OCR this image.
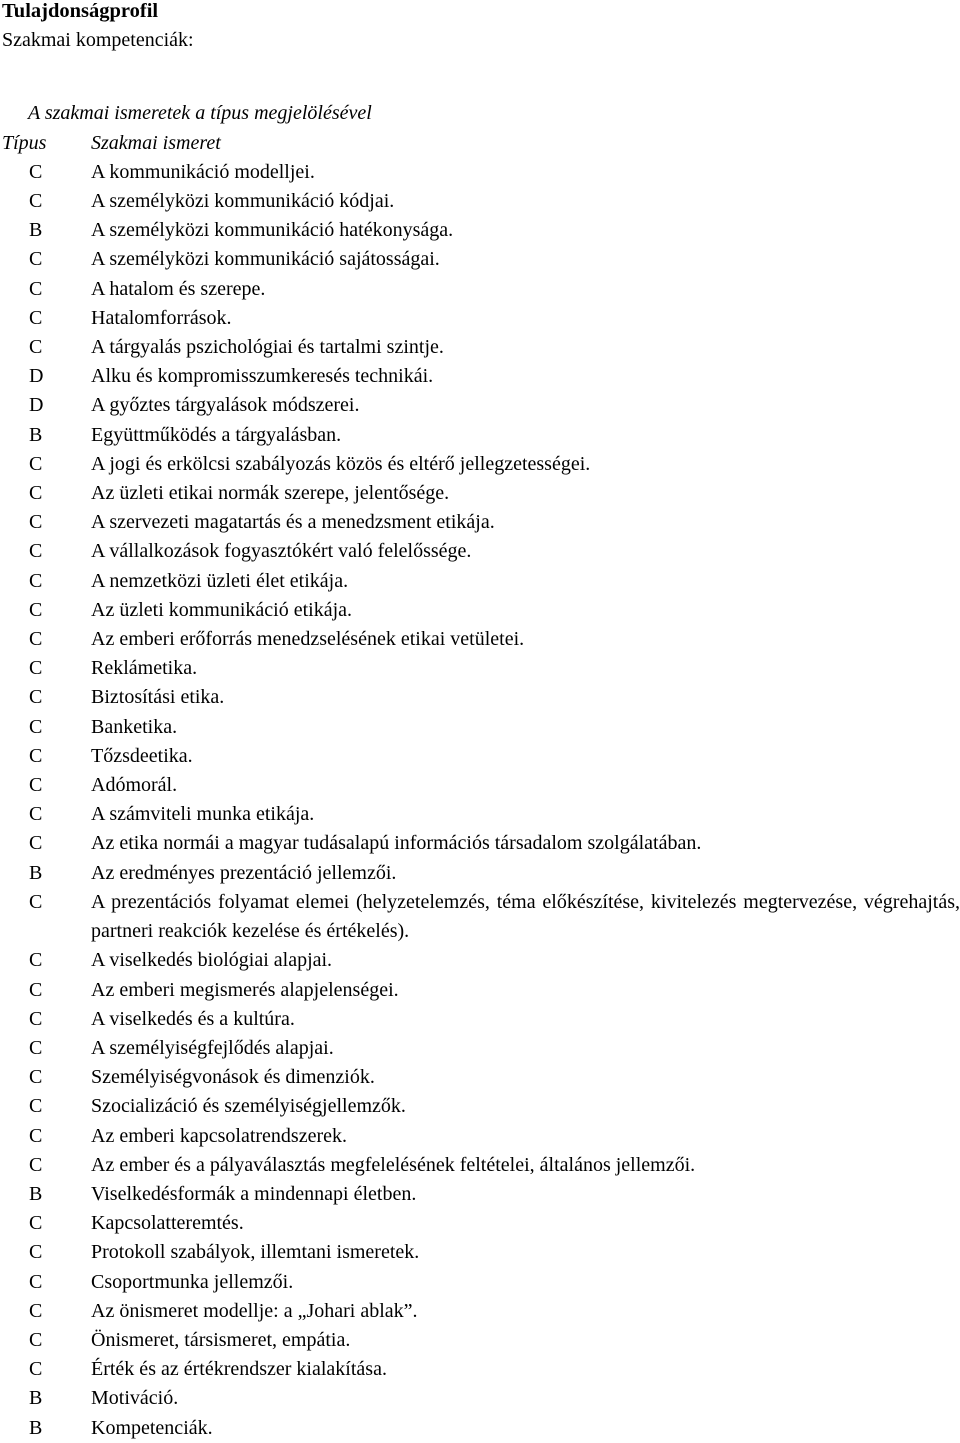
Tulajdonságprofil
Szakmai kompetenciák:
A szakmai ismeretek a típus megjelölésével
Típus	Szakmai ismeret
C	A kommunikáció modelljei.
C	A személyközi kommunikáció kódjai.
B	A személyközi kommunikáció hatékonysága.
C	A személyközi kommunikáció sajátosságai.
C	A hatalom és szerepe.
C	Hatalomforrások.
C	A tárgyalás pszichológiai és tartalmi szintje.
D	Alku és kompromisszumkeresés technikái.
D	A győztes tárgyalások módszerei.
B	Együttműködés a tárgyalásban.
C	A jogi és erkölcsi szabályozás közös és eltérő jellegzetességei.
C	Az üzleti etikai normák szerepe, jelentősége.
C	A szervezeti magatartás és a menedzsment etikája.
C	A vállalkozások fogyasztókért való felelőssége.
C	A nemzetközi üzleti élet etikája.
C	Az üzleti kommunikáció etikája.
C	Az emberi erőforrás menedzselésének etikai vetületei.
C	Reklámetika.
C	Biztosítási etika.
C	Banketika.
C	Tőzsdeetika.
C	Adómorál.
C	A számviteli munka etikája.
C	Az etika normái a magyar tudásalapú információs társadalom szolgálatában.
B	Az eredményes prezentáció jellemzői.
C	A prezentációs folyamat elemei (helyzetelemzés, téma előkészítése, kivitelezés megtervezése, végrehajtás, partneri reakciók kezelése és értékelés).
C	A viselkedés biológiai alapjai.
C	Az emberi megismerés alapjelenségei.
C	A viselkedés és a kultúra.
C	A személyiségfejlődés alapjai.
C	Személyiségvonások és dimenziók.
C	Szocializáció és személyiségjellemzők.
C	Az emberi kapcsolatrendszerek.
C	Az ember és a pályaválasztás megfelelésének feltételei, általános jellemzői.
B	Viselkedésformák a mindennapi életben.
C	Kapcsolatteremtés.
C	Protokoll szabályok, illemtani ismeretek.
C	Csoportmunka jellemzői.
C	Az önismeret modellje: a „Johari ablak”.
C	Önismeret, társismeret, empátia.
C	Érték és az értékrendszer kialakítása.
B	Motiváció.
B	Kompetenciák.
